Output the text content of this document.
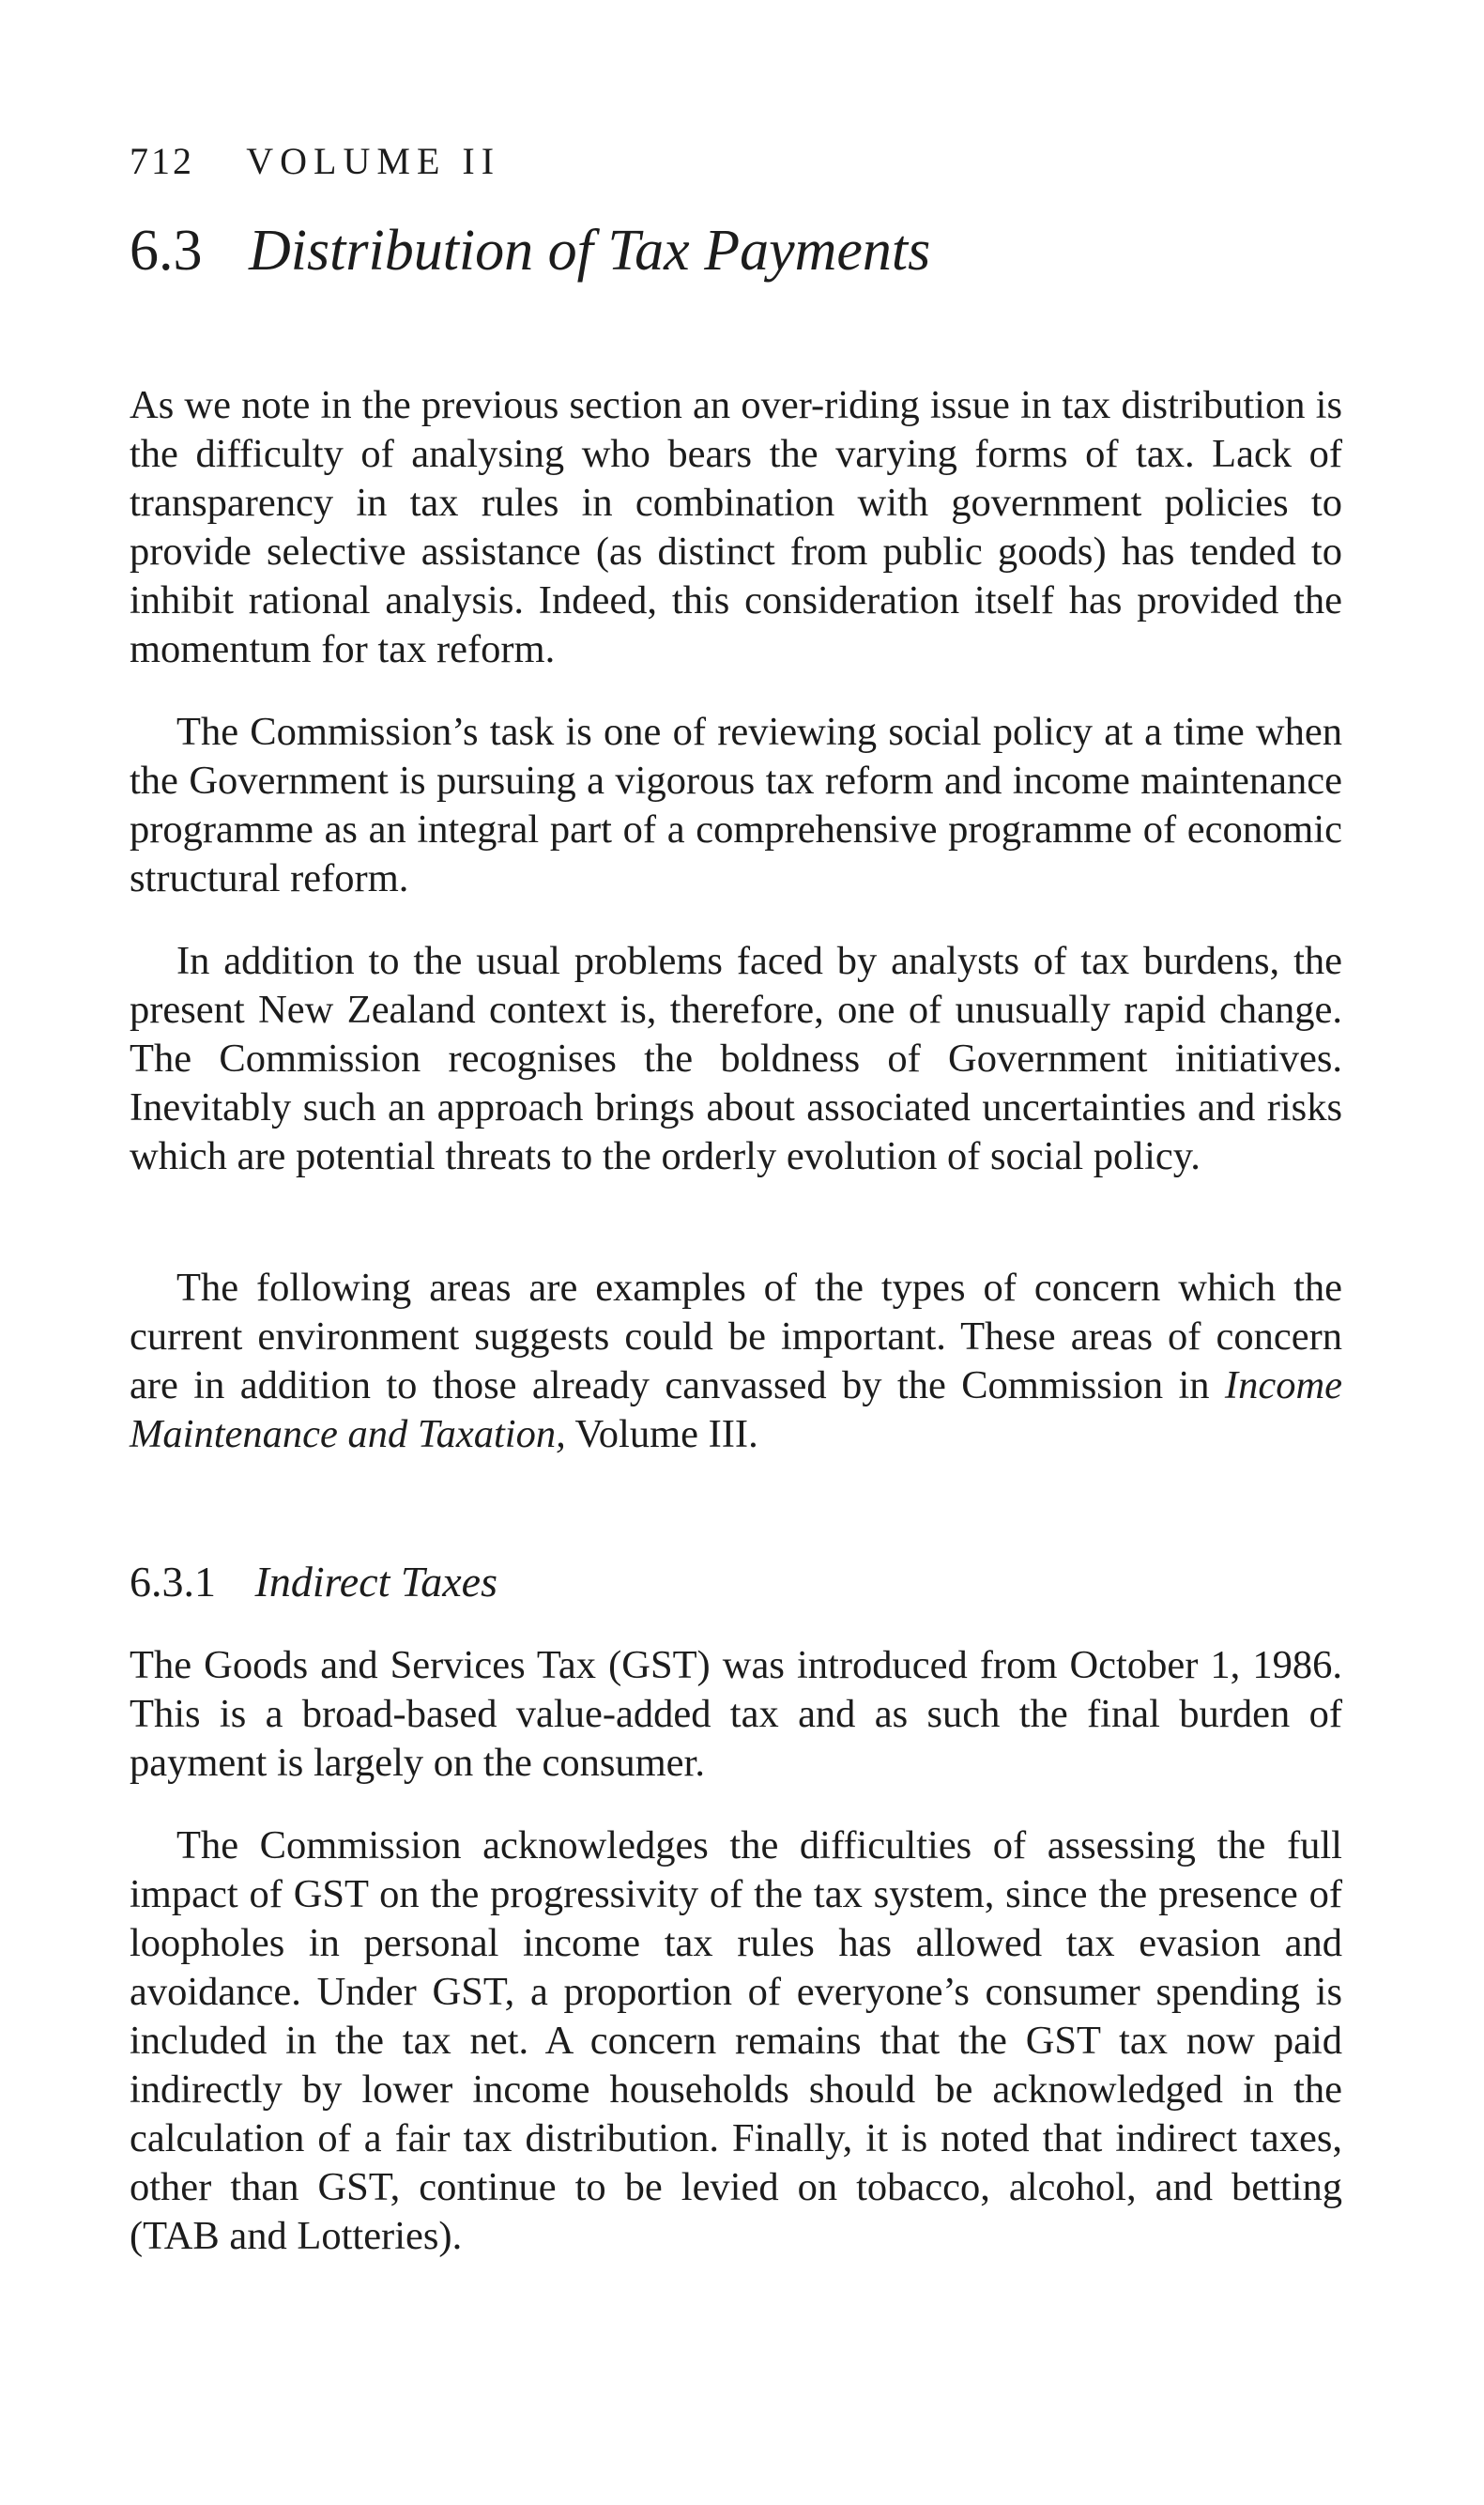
712 VOLUME II
6.3 Distribution of Tax Payments

As we note in the previous section an over-riding issue in tax distribution is the difficulty of analysing who bears the varying forms of tax. Lack of transparency in tax rules in combination with government policies to provide selective assistance (as distinct from public goods) has tended to inhibit rational analysis. Indeed, this consideration itself has provided the momentum for tax reform.

The Commission’s task is one of reviewing social policy at a time when the Government is pursuing a vigorous tax reform and income maintenance programme as an integral part of a comprehensive programme of economic structural reform.

In addition to the usual problems faced by analysts of tax burdens, the present New Zealand context is, therefore, one of unusually rapid change. The Commission recognises the boldness of Government initiatives. Inevitably such an approach brings about associated uncertainties and risks which are potential threats to the orderly evolution of social policy.

The following areas are examples of the types of concern which the current environment suggests could be important. These areas of concern are in addition to those already canvassed by the Commission in Income Maintenance and Taxation, Volume III.

6.3.1 Indirect Taxes

The Goods and Services Tax (GST) was introduced from October 1, 1986. This is a broad-based value-added tax and as such the final burden of payment is largely on the consumer.

The Commission acknowledges the difficulties of assessing the full impact of GST on the progressivity of the tax system, since the presence of loopholes in personal income tax rules has allowed tax evasion and avoidance. Under GST, a proportion of everyone’s consumer spending is included in the tax net. A concern remains that the GST tax now paid indirectly by lower income households should be acknowledged in the calculation of a fair tax distribution. Finally, it is noted that indirect taxes, other than GST, continue to be levied on tobacco, alcohol, and betting (TAB and Lotteries).
